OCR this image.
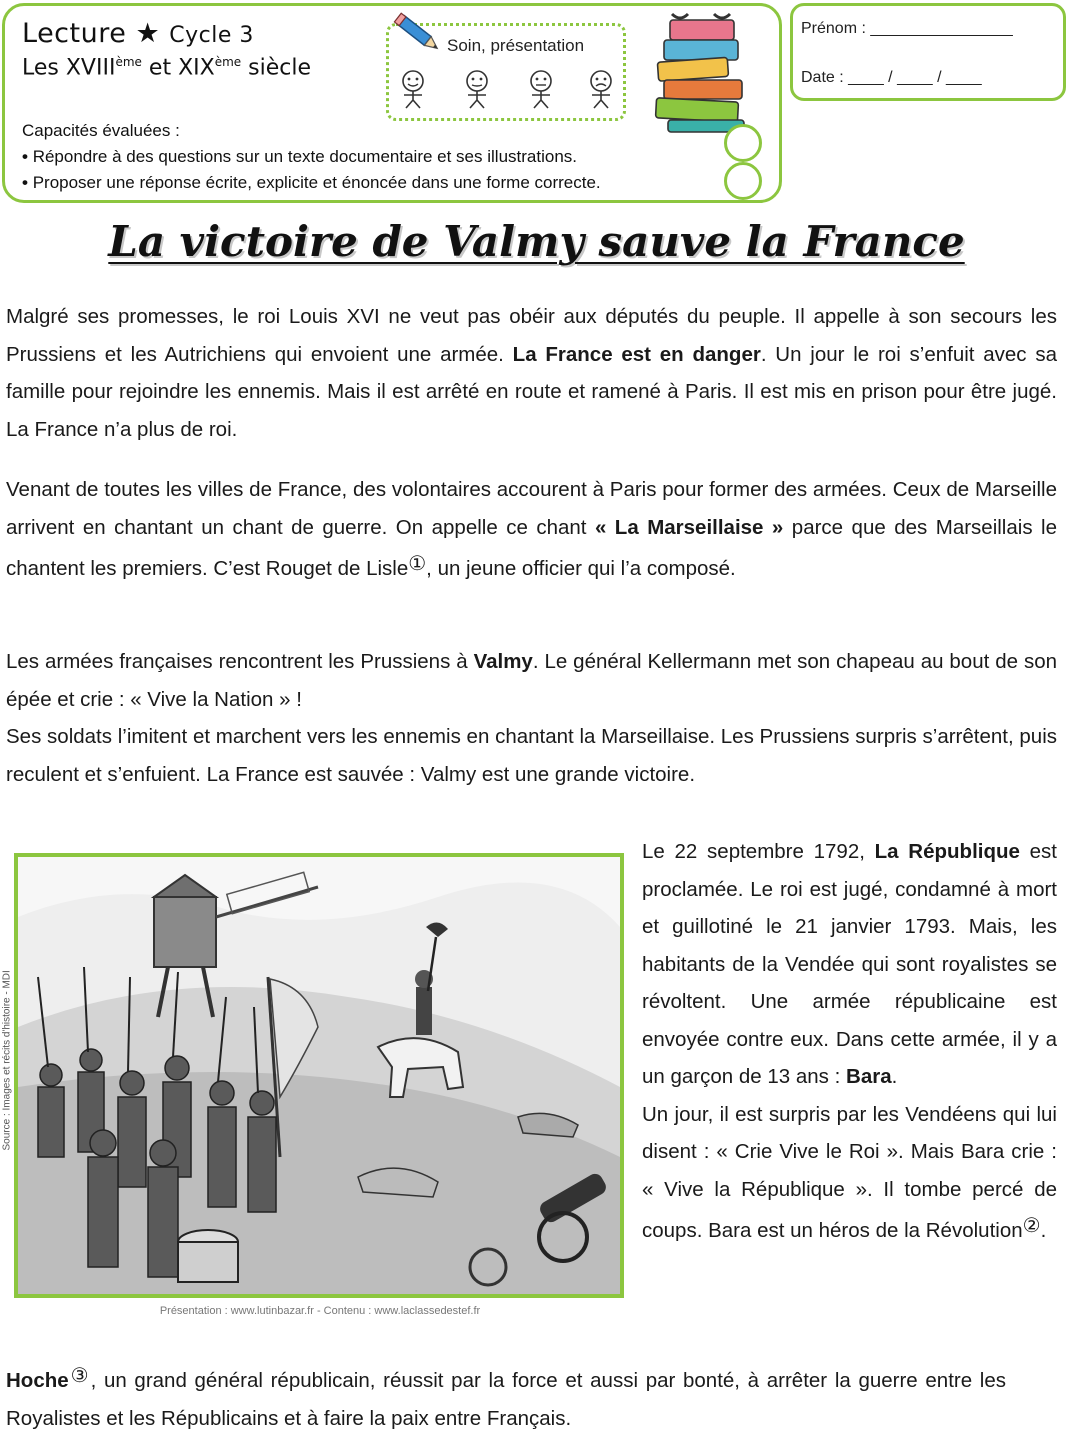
Lecture ★ Cycle 3
Les XVIIIème et XIXème siècle
Soin, présentation
Capacités évaluées :
• Répondre à des questions sur un texte documentaire et ses illustrations.
• Proposer une réponse écrite, explicite et énoncée dans une forme correcte.
Prénom : ________________
Date : ____ / ____ / ____
La victoire de Valmy sauve la France
Malgré ses promesses, le roi Louis XVI ne veut pas obéir aux députés du peuple. Il appelle à son secours les Prussiens et les Autrichiens qui envoient une armée. La France est en danger. Un jour le roi s’enfuit avec sa famille pour rejoindre les ennemis. Mais il est arrêté en route et ramené à Paris. Il est mis en prison pour être jugé. La France n’a plus de roi.
Venant de toutes les villes de France, des volontaires accourent à Paris pour former des armées. Ceux de Marseille arrivent en chantant un chant de guerre. On appelle ce chant « La Marseillaise » parce que des Marseillais le chantent les premiers. C’est Rouget de Lisle①, un jeune officier qui l’a composé.
Les armées françaises rencontrent les Prussiens à Valmy. Le général Kellermann met son chapeau au bout de son épée et crie : « Vive la Nation » !
Ses soldats l’imitent et marchent vers les ennemis en chantant la Marseillaise. Les Prussiens surpris s’arrêtent, puis reculent et s’enfuient. La France est sauvée : Valmy est une grande victoire.
Source : Images et récits d'histoire - MDI
Présentation : www.lutinbazar.fr - Contenu : www.laclassedestef.fr
Le 22 septembre 1792, La République est proclamée. Le roi est jugé, condamné à mort et guillotiné le 21 janvier 1793. Mais, les habitants de la Vendée qui sont royalistes se révoltent. Une armée républicaine est envoyée contre eux. Dans cette armée, il y a un garçon de 13 ans : Bara.
Un jour, il est surpris par les Vendéens qui lui disent : « Crie Vive le Roi ». Mais Bara crie : « Vive la République ». Il tombe percé de coups. Bara est un héros de la Révolution②.
Hoche③, un grand général républicain, réussit par la force et aussi par bonté, à arrêter la guerre entre les Royalistes et les Républicains et à faire la paix entre Français.
